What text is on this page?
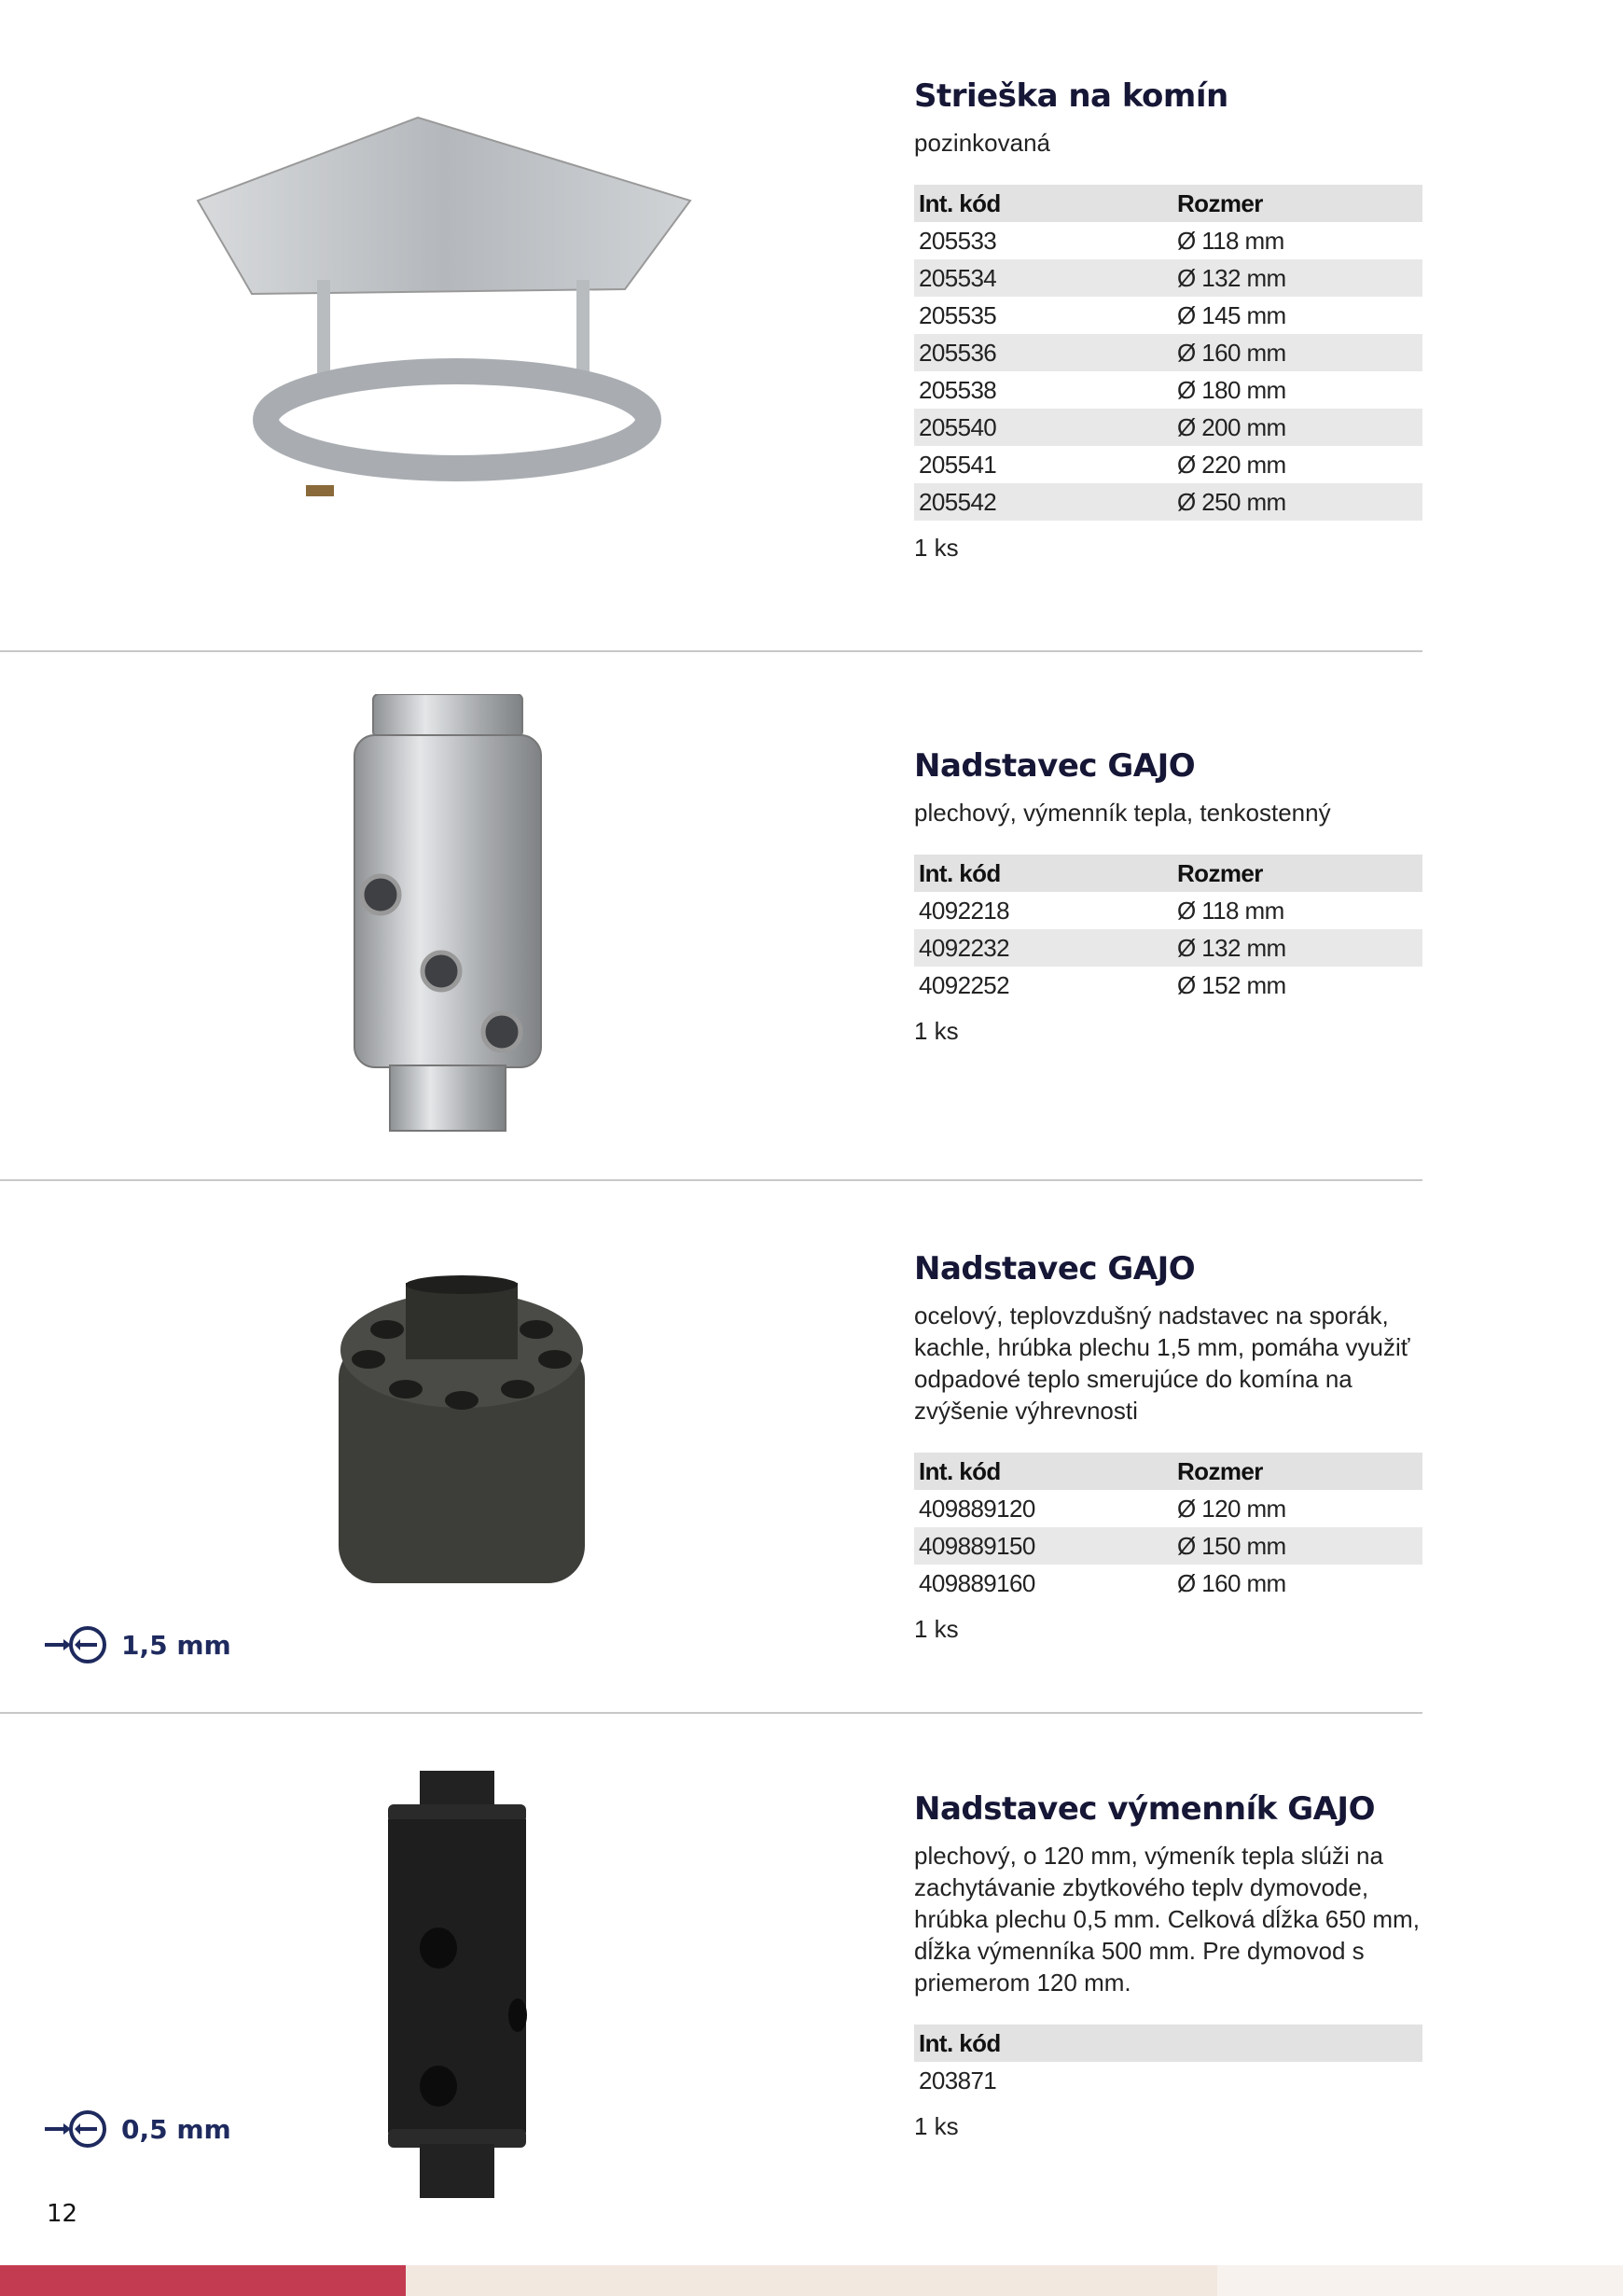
Strieška na komín
pozinkovaná
Int. kód	Rozmer
205533	Ø 118 mm
205534	Ø 132 mm
205535	Ø 145 mm
205536	Ø 160 mm
205538	Ø 180 mm
205540	Ø 200 mm
205541	Ø 220 mm
205542	Ø 250 mm
1 ks
Nadstavec GAJO
plechový, výmenník tepla, tenkostenný
Int. kód	Rozmer
4092218	Ø 118 mm
4092232	Ø 132 mm
4092252	Ø 152 mm
1 ks
Nadstavec GAJO
ocelový, teplovzdušný nadstavec na sporák, kachle, hrúbka plechu 1,5 mm, pomáha využiť odpadové teplo smerujúce do komína na zvýšenie výhrevnosti
Int. kód	Rozmer
409889120	Ø 120 mm
409889150	Ø 150 mm
409889160	Ø 160 mm
1 ks
1,5 mm
Nadstavec výmenník GAJO
plechový, o 120 mm, výmeník tepla slúži na zachytávanie zbytkového teplv dymovode, hrúbka plechu 0,5 mm. Celková dĺžka 650 mm, dĺžka výmenníka 500 mm. Pre dymovod s priemerom 120 mm.
Int. kód
203871
1 ks
0,5 mm
12
